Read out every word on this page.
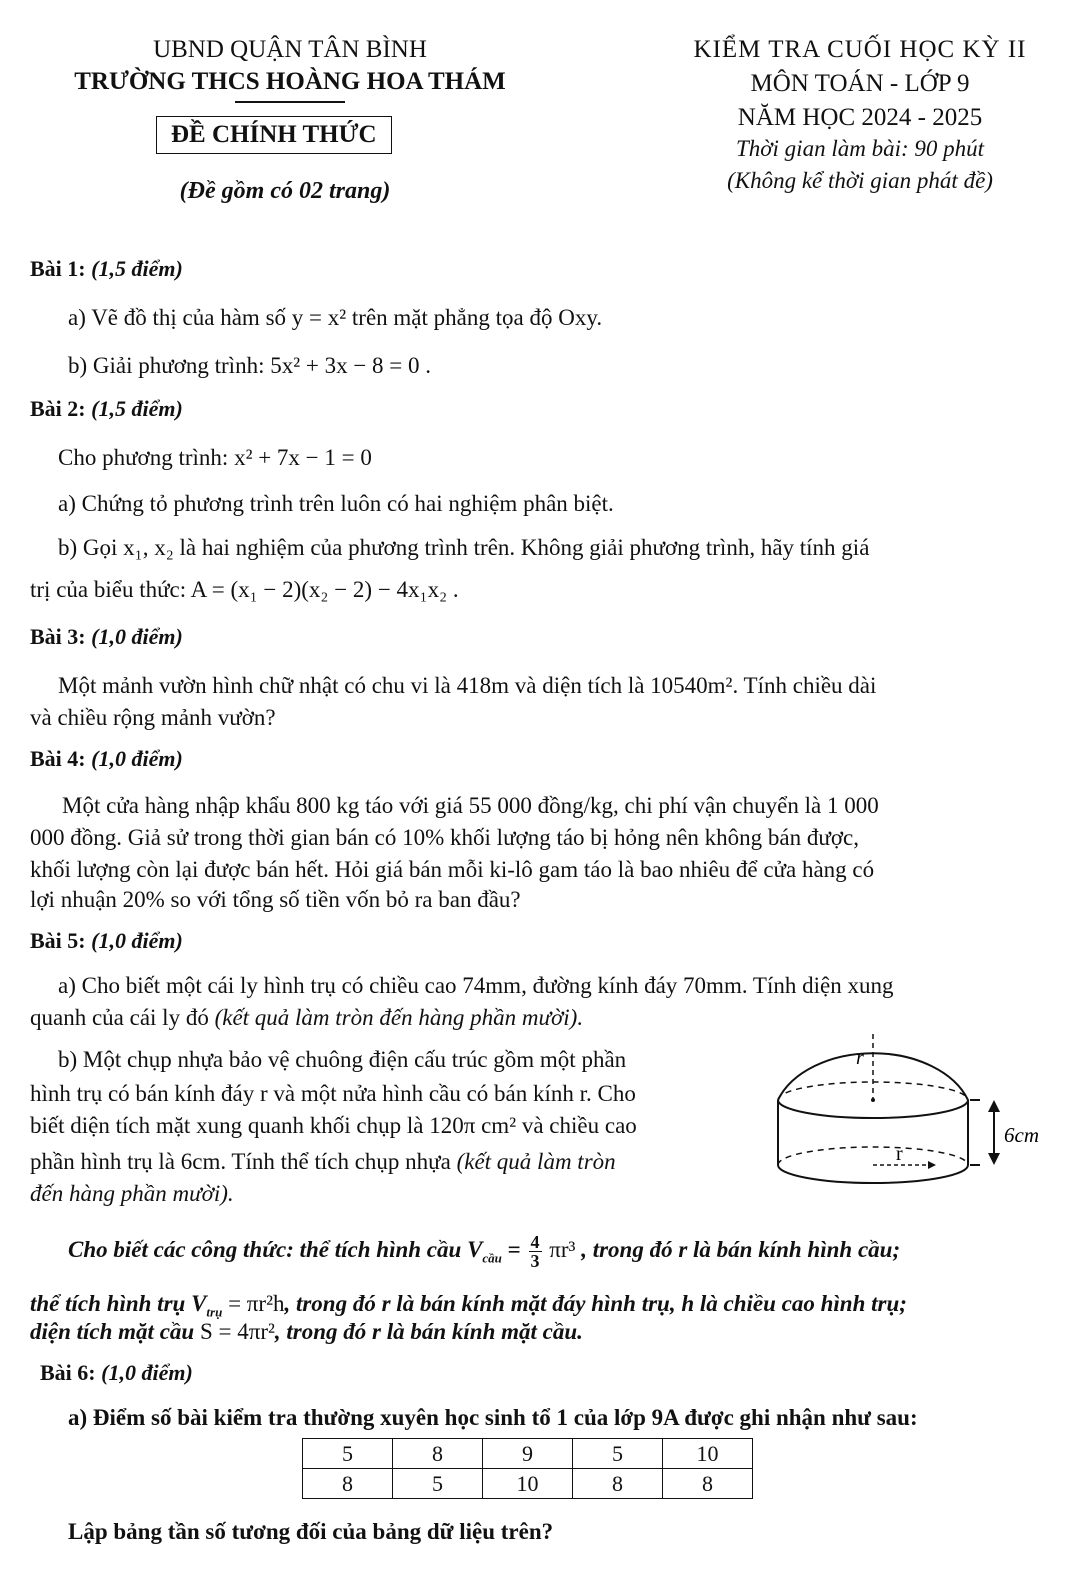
UBND QUẬN TÂN BÌNH
TRƯỜNG THCS HOÀNG HOA THÁM
ĐỀ CHÍNH THỨC
(Đề gồm có 02 trang)
KIỂM TRA CUỐI HỌC KỲ II
MÔN TOÁN - LỚP 9
NĂM HỌC 2024 - 2025
Thời gian làm bài: 90 phút
(Không kể thời gian phát đề)
Bài 1: (1,5 điểm)
a) Vẽ đồ thị của hàm số y = x² trên mặt phẳng tọa độ Oxy.
b) Giải phương trình: 5x² + 3x − 8 = 0 .
Bài 2: (1,5 điểm)
Cho phương trình: x² + 7x − 1 = 0
a) Chứng tỏ phương trình trên luôn có hai nghiệm phân biệt.
b) Gọi x₁, x₂ là hai nghiệm của phương trình trên. Không giải phương trình, hãy tính giá
trị của biểu thức: A = (x₁ − 2)(x₂ − 2) − 4x₁x₂ .
Bài 3: (1,0 điểm)
Một mảnh vườn hình chữ nhật có chu vi là 418m và diện tích là 10540m². Tính chiều dài
và chiều rộng mảnh vườn?
Bài 4: (1,0 điểm)
Một cửa hàng nhập khẩu 800 kg táo với giá 55 000 đồng/kg, chi phí vận chuyển là 1 000
000 đồng. Giả sử trong thời gian bán có 10% khối lượng táo bị hỏng nên không bán được,
khối lượng còn lại được bán hết. Hỏi giá bán mỗi ki-lô gam táo là bao nhiêu để cửa hàng có
lợi nhuận 20% so với tổng số tiền vốn bỏ ra ban đầu?
Bài 5: (1,0 điểm)
a) Cho biết một cái ly hình trụ có chiều cao 74mm, đường kính đáy 70mm. Tính diện xung
quanh của cái ly đó (kết quả làm tròn đến hàng phần mười).
b) Một chụp nhựa bảo vệ chuông điện cấu trúc gồm một phần
hình trụ có bán kính đáy r và một nửa hình cầu có bán kính r. Cho
biết diện tích mặt xung quanh khối chụp là 120π cm² và chiều cao
phần hình trụ là 6cm. Tính thể tích chụp nhựa (kết quả làm tròn
đến hàng phần mười).
r
r
6cm
Cho biết các công thức: thể tích hình cầu $V_{cầu} = \frac{4}{3} \pi r^3$ , trong đó r là bán kính hình cầu;
thể tích hình trụ $V_{trụ} = \pi r^2h$, trong đó r là bán kính mặt đáy hình trụ, h là chiều cao hình trụ;
diện tích mặt cầu S = 4πr², trong đó r là bán kính mặt cầu.
Bài 6: (1,0 điểm)
a) Điểm số bài kiểm tra thường xuyên học sinh tổ 1 của lớp 9A được ghi nhận như sau:
5	8	9	5	10
8	5	10	8	8
Lập bảng tần số tương đối của bảng dữ liệu trên?
